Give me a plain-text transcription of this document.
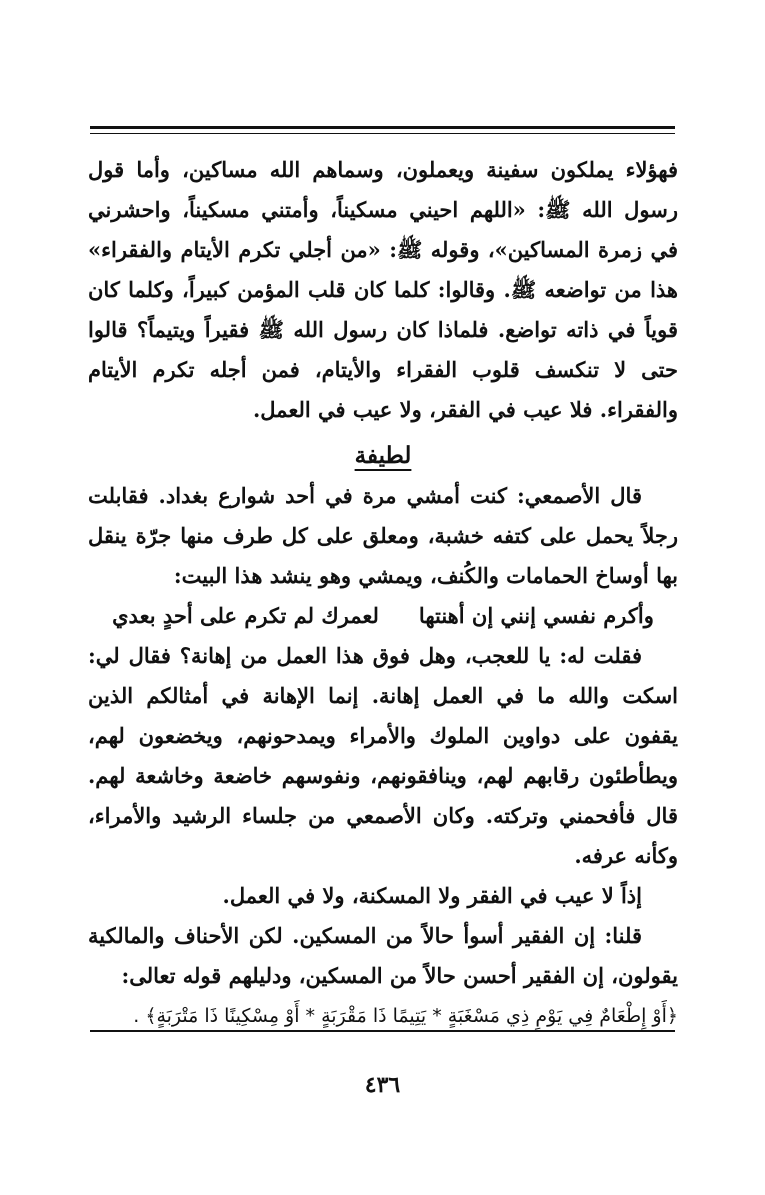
فهؤلاء يملكون سفينة ويعملون، وسماهم الله مساكين، وأما قول رسول الله ﷺ: «اللهم احيني مسكيناً، وأمتني مسكيناً، واحشرني في زمرة المساكين»، وقوله ﷺ: «من أجلي تكرم الأيتام والفقراء» هذا من تواضعه ﷺ. وقالوا: كلما كان قلب المؤمن كبيراً، وكلما كان قوياً في ذاته تواضع. فلماذا كان رسول الله ﷺ فقيراً ويتيماً؟ قالوا حتى لا تنكسف قلوب الفقراء والأيتام، فمن أجله تكرم الأيتام والفقراء. فلا عيب في الفقر، ولا عيب في العمل.

لطيفة

قال الأصمعي: كنت أمشي مرة في أحد شوارع بغداد. فقابلت رجلاً يحمل على كتفه خشبة، ومعلق على كل طرف منها جرّة ينقل بها أوساخ الحمامات والكُنف، ويمشي وهو ينشد هذا البيت:

وأكرم نفسي إنني إن أهنتها
لعمرك لم تكرم على أحدٍ بعدي

فقلت له: يا للعجب، وهل فوق هذا العمل من إهانة؟ فقال لي: اسكت والله ما في العمل إهانة. إنما الإهانة في أمثالكم الذين يقفون على دواوين الملوك والأمراء ويمدحونهم، ويخضعون لهم، ويطأطئون رقابهم لهم، وينافقونهم، ونفوسهم خاضعة وخاشعة لهم. قال فأفحمني وتركته. وكان الأصمعي من جلساء الرشيد والأمراء، وكأنه عرفه.

إذاً لا عيب في الفقر ولا المسكنة، ولا في العمل.

قلنا: إن الفقير أسوأ حالاً من المسكين. لكن الأحناف والمالكية يقولون، إن الفقير أحسن حالاً من المسكين، ودليلهم قوله تعالى:

﴿أَوْ إِطْعَامٌ فِي يَوْمٍ ذِي مَسْغَبَةٍ * يَتِيمًا ذَا مَقْرَبَةٍ * أَوْ مِسْكِينًا ذَا مَتْرَبَةٍ﴾ .

٤٣٦
